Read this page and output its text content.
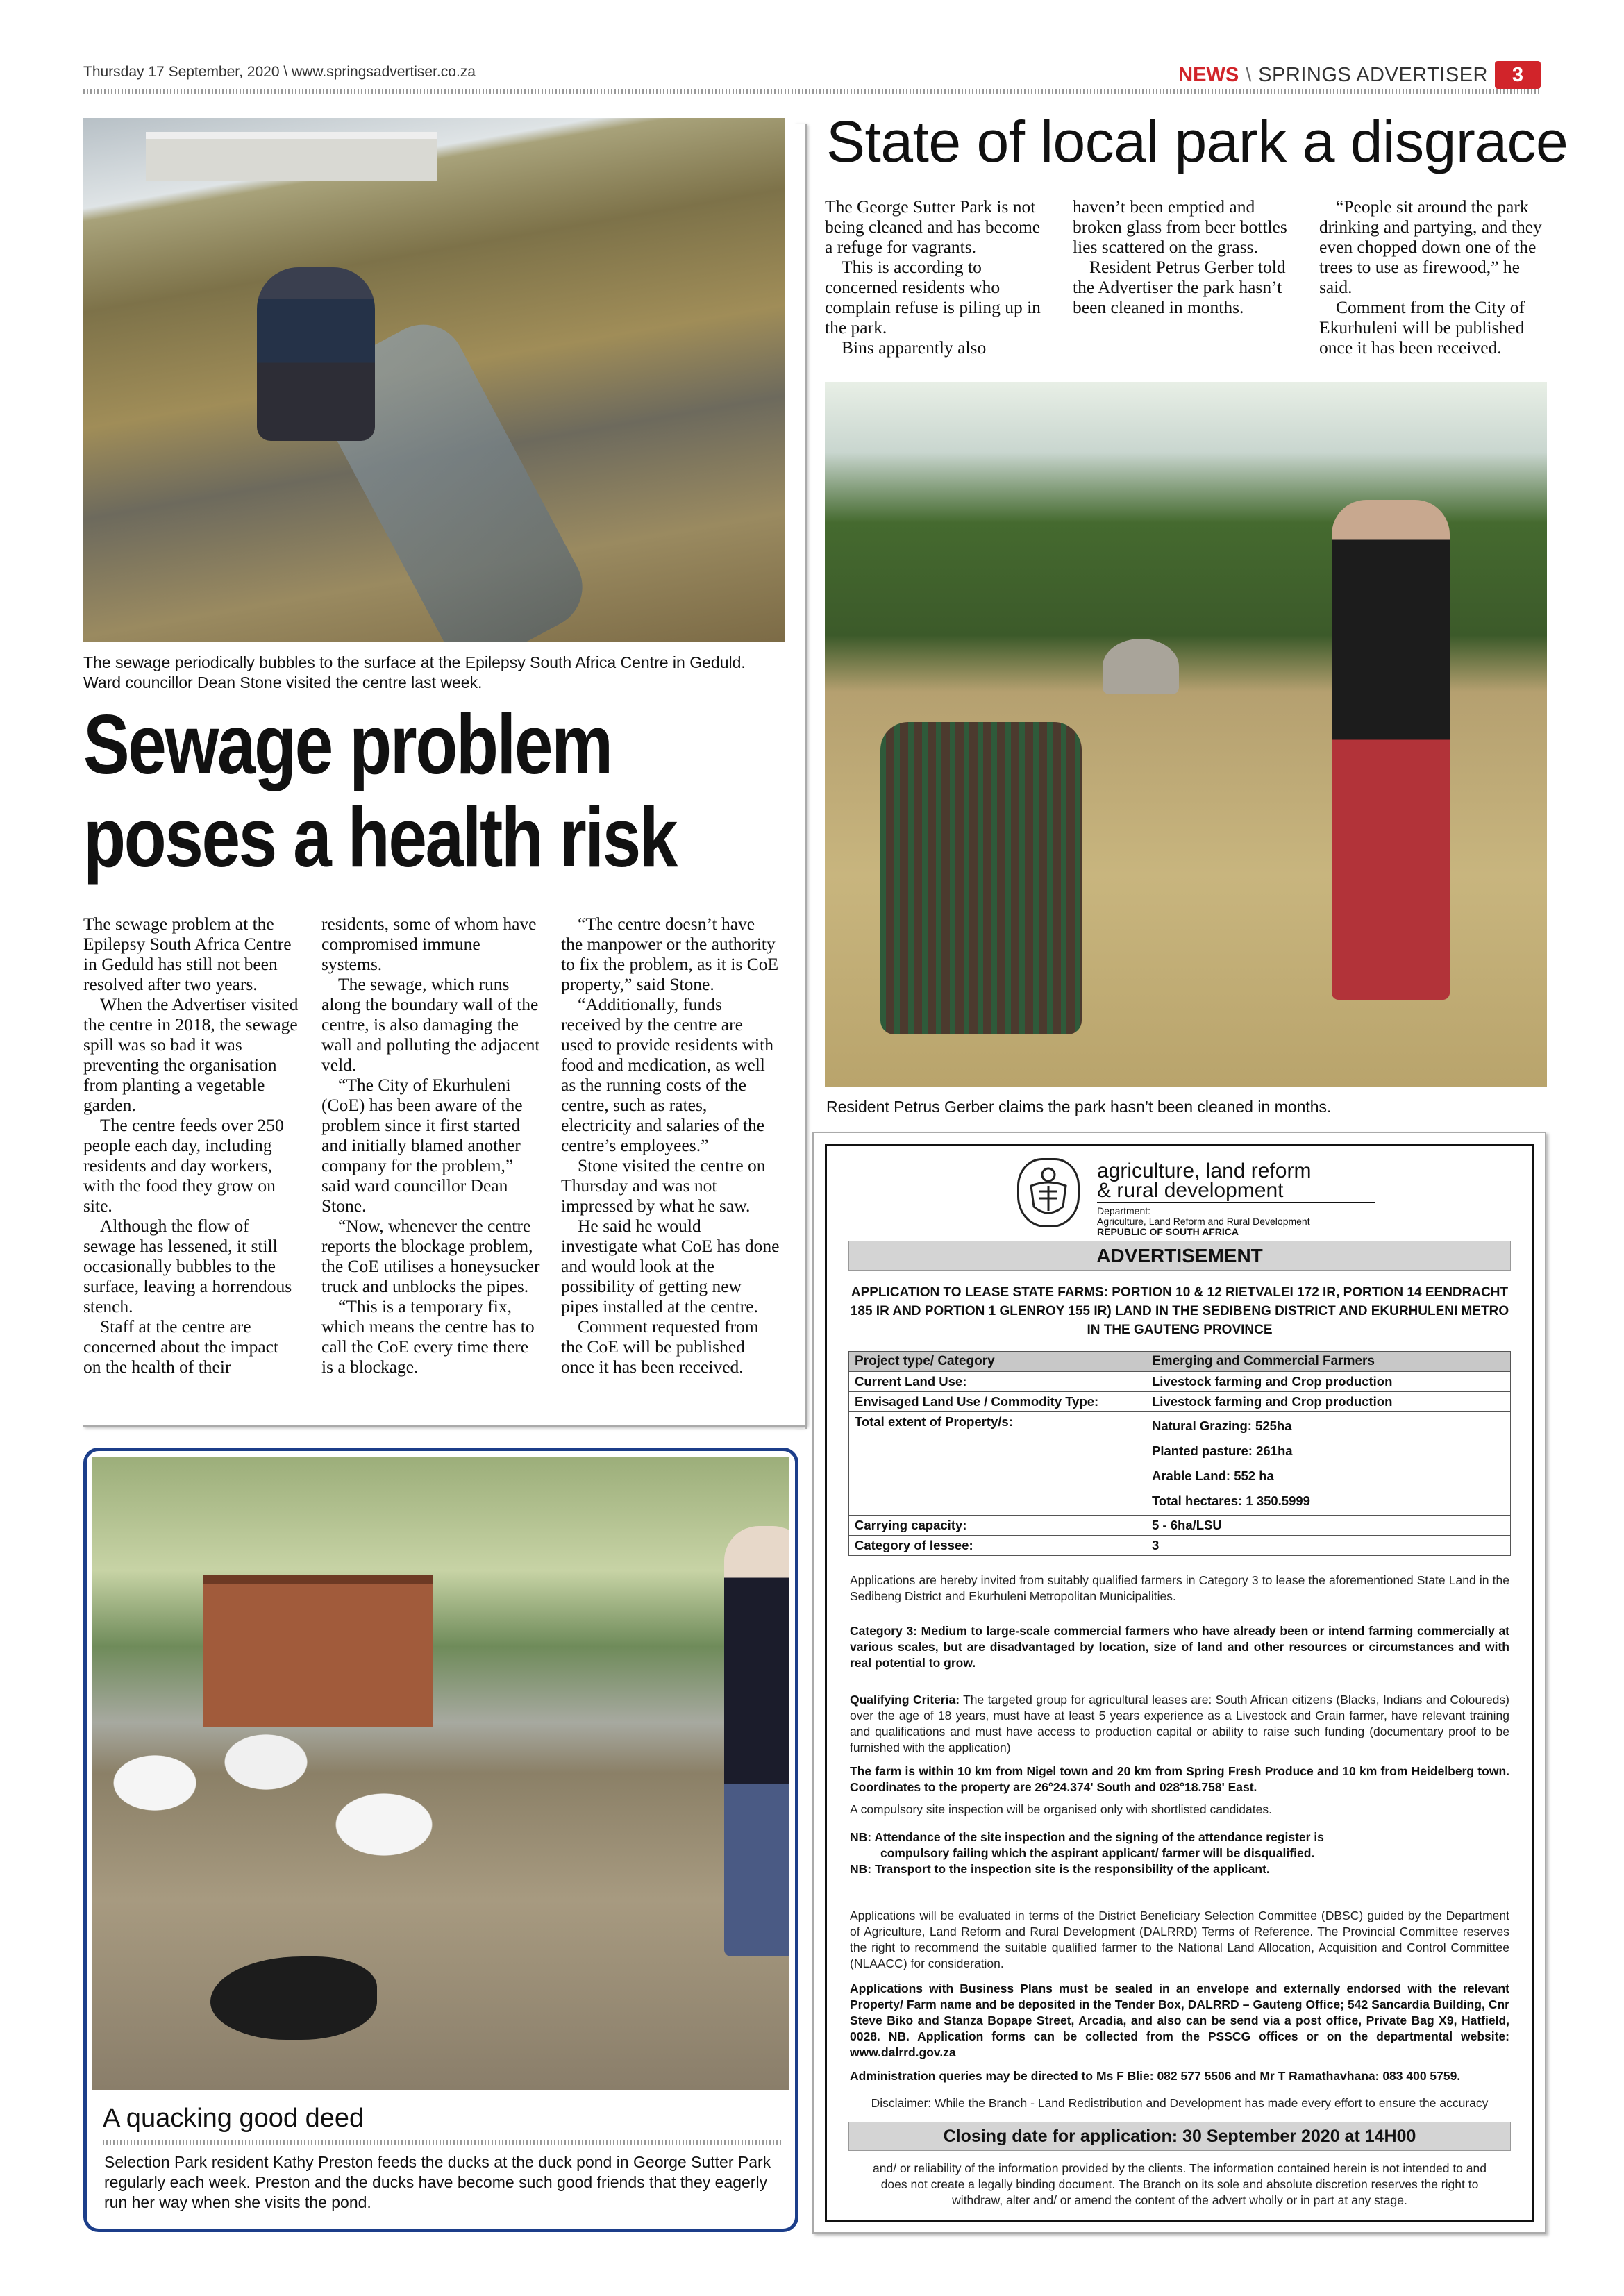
Thursday 17 September, 2020 \ www.springsadvertiser.co.za	NEWS \ SPRINGS ADVERTISER	3
The sewage periodically bubbles to the surface at the Epilepsy South Africa Centre in Geduld. Ward councillor Dean Stone visited the centre last week.
Sewage problem
poses a health risk

The sewage problem at the Epilepsy South Africa Centre in Geduld has still not been resolved after two years.

When the Advertiser visited the centre in 2018, the sewage spill was so bad it was preventing the organisation from planting a vegetable garden.

The centre feeds over 250 people each day, including residents and day workers, with the food they grow on site.

Although the flow of sewage has lessened, it still occasionally bubbles to the surface, leaving a horrendous stench.

Staff at the centre are concerned about the impact on the health of their

residents, some of whom have compromised immune systems.

The sewage, which runs along the boundary wall of the centre, is also damaging the wall and polluting the adjacent veld.

“The City of Ekurhuleni (CoE) has been aware of the problem since it first started and initially blamed another company for the problem,” said ward councillor Dean Stone.

“Now, whenever the centre reports the blockage problem, the CoE utilises a honeysucker truck and unblocks the pipes.

“This is a temporary fix, which means the centre has to call the CoE every time there is a blockage.

“The centre doesn’t have the manpower or the authority to fix the problem, as it is CoE property,” said Stone.

“Additionally, funds received by the centre are used to provide residents with food and medication, as well as the running costs of the centre, such as rates, electricity and salaries of the centre’s employees.”

Stone visited the centre on Thursday and was not impressed by what he saw.

He said he would investigate what CoE has done and would look at the possibility of getting new pipes installed at the centre.

Comment requested from the CoE will be published once it has been received.

State of local park a disgrace

The George Sutter Park is not being cleaned and has become a refuge for vagrants.

This is according to concerned residents who complain refuse is piling up in the park.

Bins apparently also

haven’t been emptied and broken glass from beer bottles lies scattered on the grass.

Resident Petrus Gerber told the Advertiser the park hasn’t been cleaned in months.

“People sit around the park drinking and partying, and they even chopped down one of the trees to use as firewood,” he said.

Comment from the City of Ekurhuleni will be published once it has been received.

Resident Petrus Gerber claims the park hasn’t been cleaned in months.
A quacking good deed
Selection Park resident Kathy Preston feeds the ducks at the duck pond in George Sutter Park regularly each week. Preston and the ducks have become such good friends that they eagerly run her way when she visits the pond.
agriculture, land reform
& rural development
Department:
Agriculture, Land Reform and Rural Development
REPUBLIC OF SOUTH AFRICA
ADVERTISEMENT
APPLICATION TO LEASE STATE FARMS: PORTION 10 & 12 RIETVALEI 172 IR, PORTION 14 EENDRACHT 185 IR AND PORTION 1 GLENROY 155 IR) LAND IN THE SEDIBENG DISTRICT AND EKURHULENI METRO
IN THE GAUTENG PROVINCE
Project type/ Category	Emerging and Commercial Farmers
Current Land Use:	Livestock farming and Crop production
Envisaged Land Use / Commodity Type:	Livestock farming and Crop production
Total extent of Property/s:	Natural Grazing: 525ha
Planted pasture: 261ha
Arable Land: 552 ha
Total hectares: 1 350.5999

Carrying capacity:	5 - 6ha/LSU
Category of lessee:	3
Applications are hereby invited from suitably qualified farmers in Category 3 to lease the aforementioned State Land in the Sedibeng District and Ekurhuleni Metropolitan Municipalities.
Category 3: Medium to large-scale commercial farmers who have already been or intend farming commercially at various scales, but are disadvantaged by location, size of land and other resources or circumstances and with real potential to grow.
Qualifying Criteria: The targeted group for agricultural leases are: South African citizens (Blacks, Indians and Coloureds) over the age of 18 years, must have at least 5 years experience as a Livestock and Grain farmer, have relevant training and qualifications and must have access to production capital or ability to raise such funding (documentary proof to be furnished with the application)
The farm is within 10 km from Nigel town and 20 km from Spring Fresh Produce and 10 km from Heidelberg town. Coordinates to the property are 26°24.374' South and 028°18.758' East.
A compulsory site inspection will be organised only with shortlisted candidates.
NB: Attendance of the site inspection and the signing of the attendance register is
compulsory failing which the aspirant applicant/ farmer will be disqualified.
NB: Transport to the inspection site is the responsibility of the applicant.
Applications will be evaluated in terms of the District Beneficiary Selection Committee (DBSC) guided by the Department of Agriculture, Land Reform and Rural Development (DALRRD) Terms of Reference. The Provincial Committee reserves the right to recommend the suitable qualified farmer to the National Land Allocation, Acquisition and Control Committee (NLAACC) for consideration.
Applications with Business Plans must be sealed in an envelope and externally endorsed with the relevant Property/ Farm name and be deposited in the Tender Box, DALRRD – Gauteng Office; 542 Sancardia Building, Cnr Steve Biko and Stanza Bopape Street, Arcadia, and also can be send via a post office, Private Bag X9, Hatfield, 0028. NB. Application forms can be collected from the PSSCG offices or on the departmental website: www.dalrrd.gov.za
Administration queries may be directed to Ms F Blie: 082 577 5506 and Mr T Ramathavhana: 083 400 5759.
Disclaimer: While the Branch - Land Redistribution and Development has made every effort to ensure the accuracy
Closing date for application: 30 September 2020 at 14H00
and/ or reliability of the information provided by the clients. The information contained herein is not intended to and does not create a legally binding document. The Branch on its sole and absolute discretion reserves the right to withdraw, alter and/ or amend the content of the advert wholly or in part at any stage.
